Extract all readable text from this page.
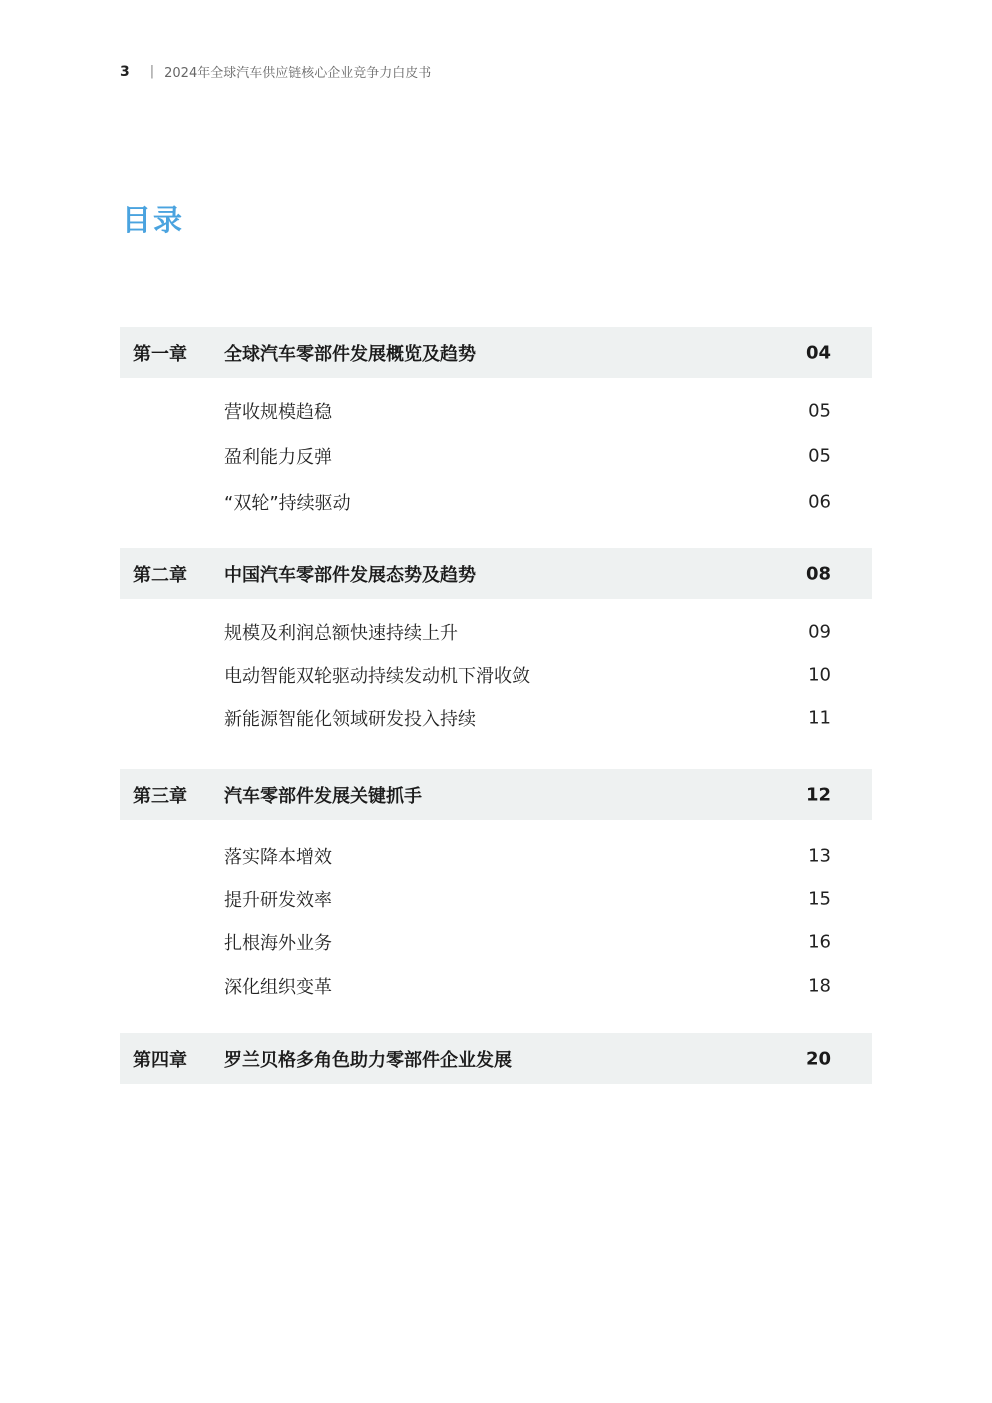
3 | 2024年全球汽车供应链核心企业竞争力白皮书
目录
第一章 全球汽车零部件发展概览及趋势	04
营收规模趋稳	05
盈利能力反弹	05
“双轮”持续驱动	06
第二章 中国汽车零部件发展态势及趋势	08
规模及利润总额快速持续上升	09
电动智能双轮驱动持续发动机下滑收敛	10
新能源智能化领域研发投入持续	11
第三章 汽车零部件发展关键抓手	12
落实降本增效	13
提升研发效率	15
扎根海外业务	16
深化组织变革	18
第四章 罗兰贝格多角色助力零部件企业发展	20
